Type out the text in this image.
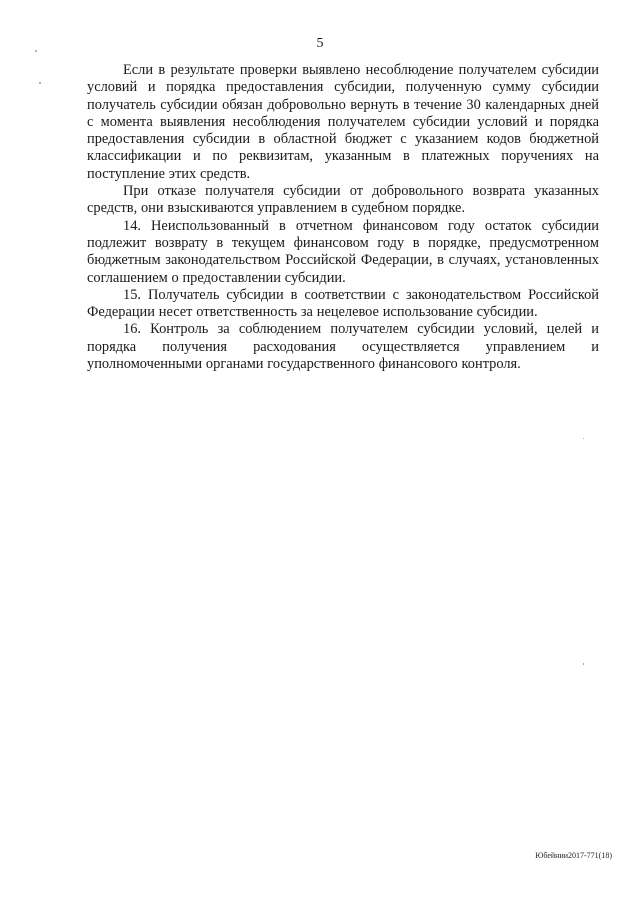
5

Если в результате проверки выявлено несоблюдение получателем субсидии условий и порядка предоставления субсидии, полученную сумму субсидии получатель субсидии обязан добровольно вернуть в течение 30 календарных дней с момента выявления несоблюдения получателем субсидии условий и порядка предоставления субсидии в областной бюджет с указанием кодов бюджетной классификации и по реквизитам, указанным в платежных поручениях на поступление этих средств.

При отказе получателя субсидии от добровольного возврата указанных средств, они взыскиваются управлением в судебном порядке.

14. Неиспользованный в отчетном финансовом году остаток субсидии подлежит возврату в текущем финансовом году в порядке, предусмотренном бюджетным законодательством Российской Федерации, в случаях, установленных соглашением о предоставлении субсидии.

15. Получатель субсидии в соответствии с законодательством Российской Федерации несет ответственность за нецелевое использование субсидии.

16. Контроль за соблюдением получателем субсидии условий, целей и порядка получения расходования осуществляется управлением и уполномоченными органами государственного финансового контроля.

Юбейнии2017-771(18)
